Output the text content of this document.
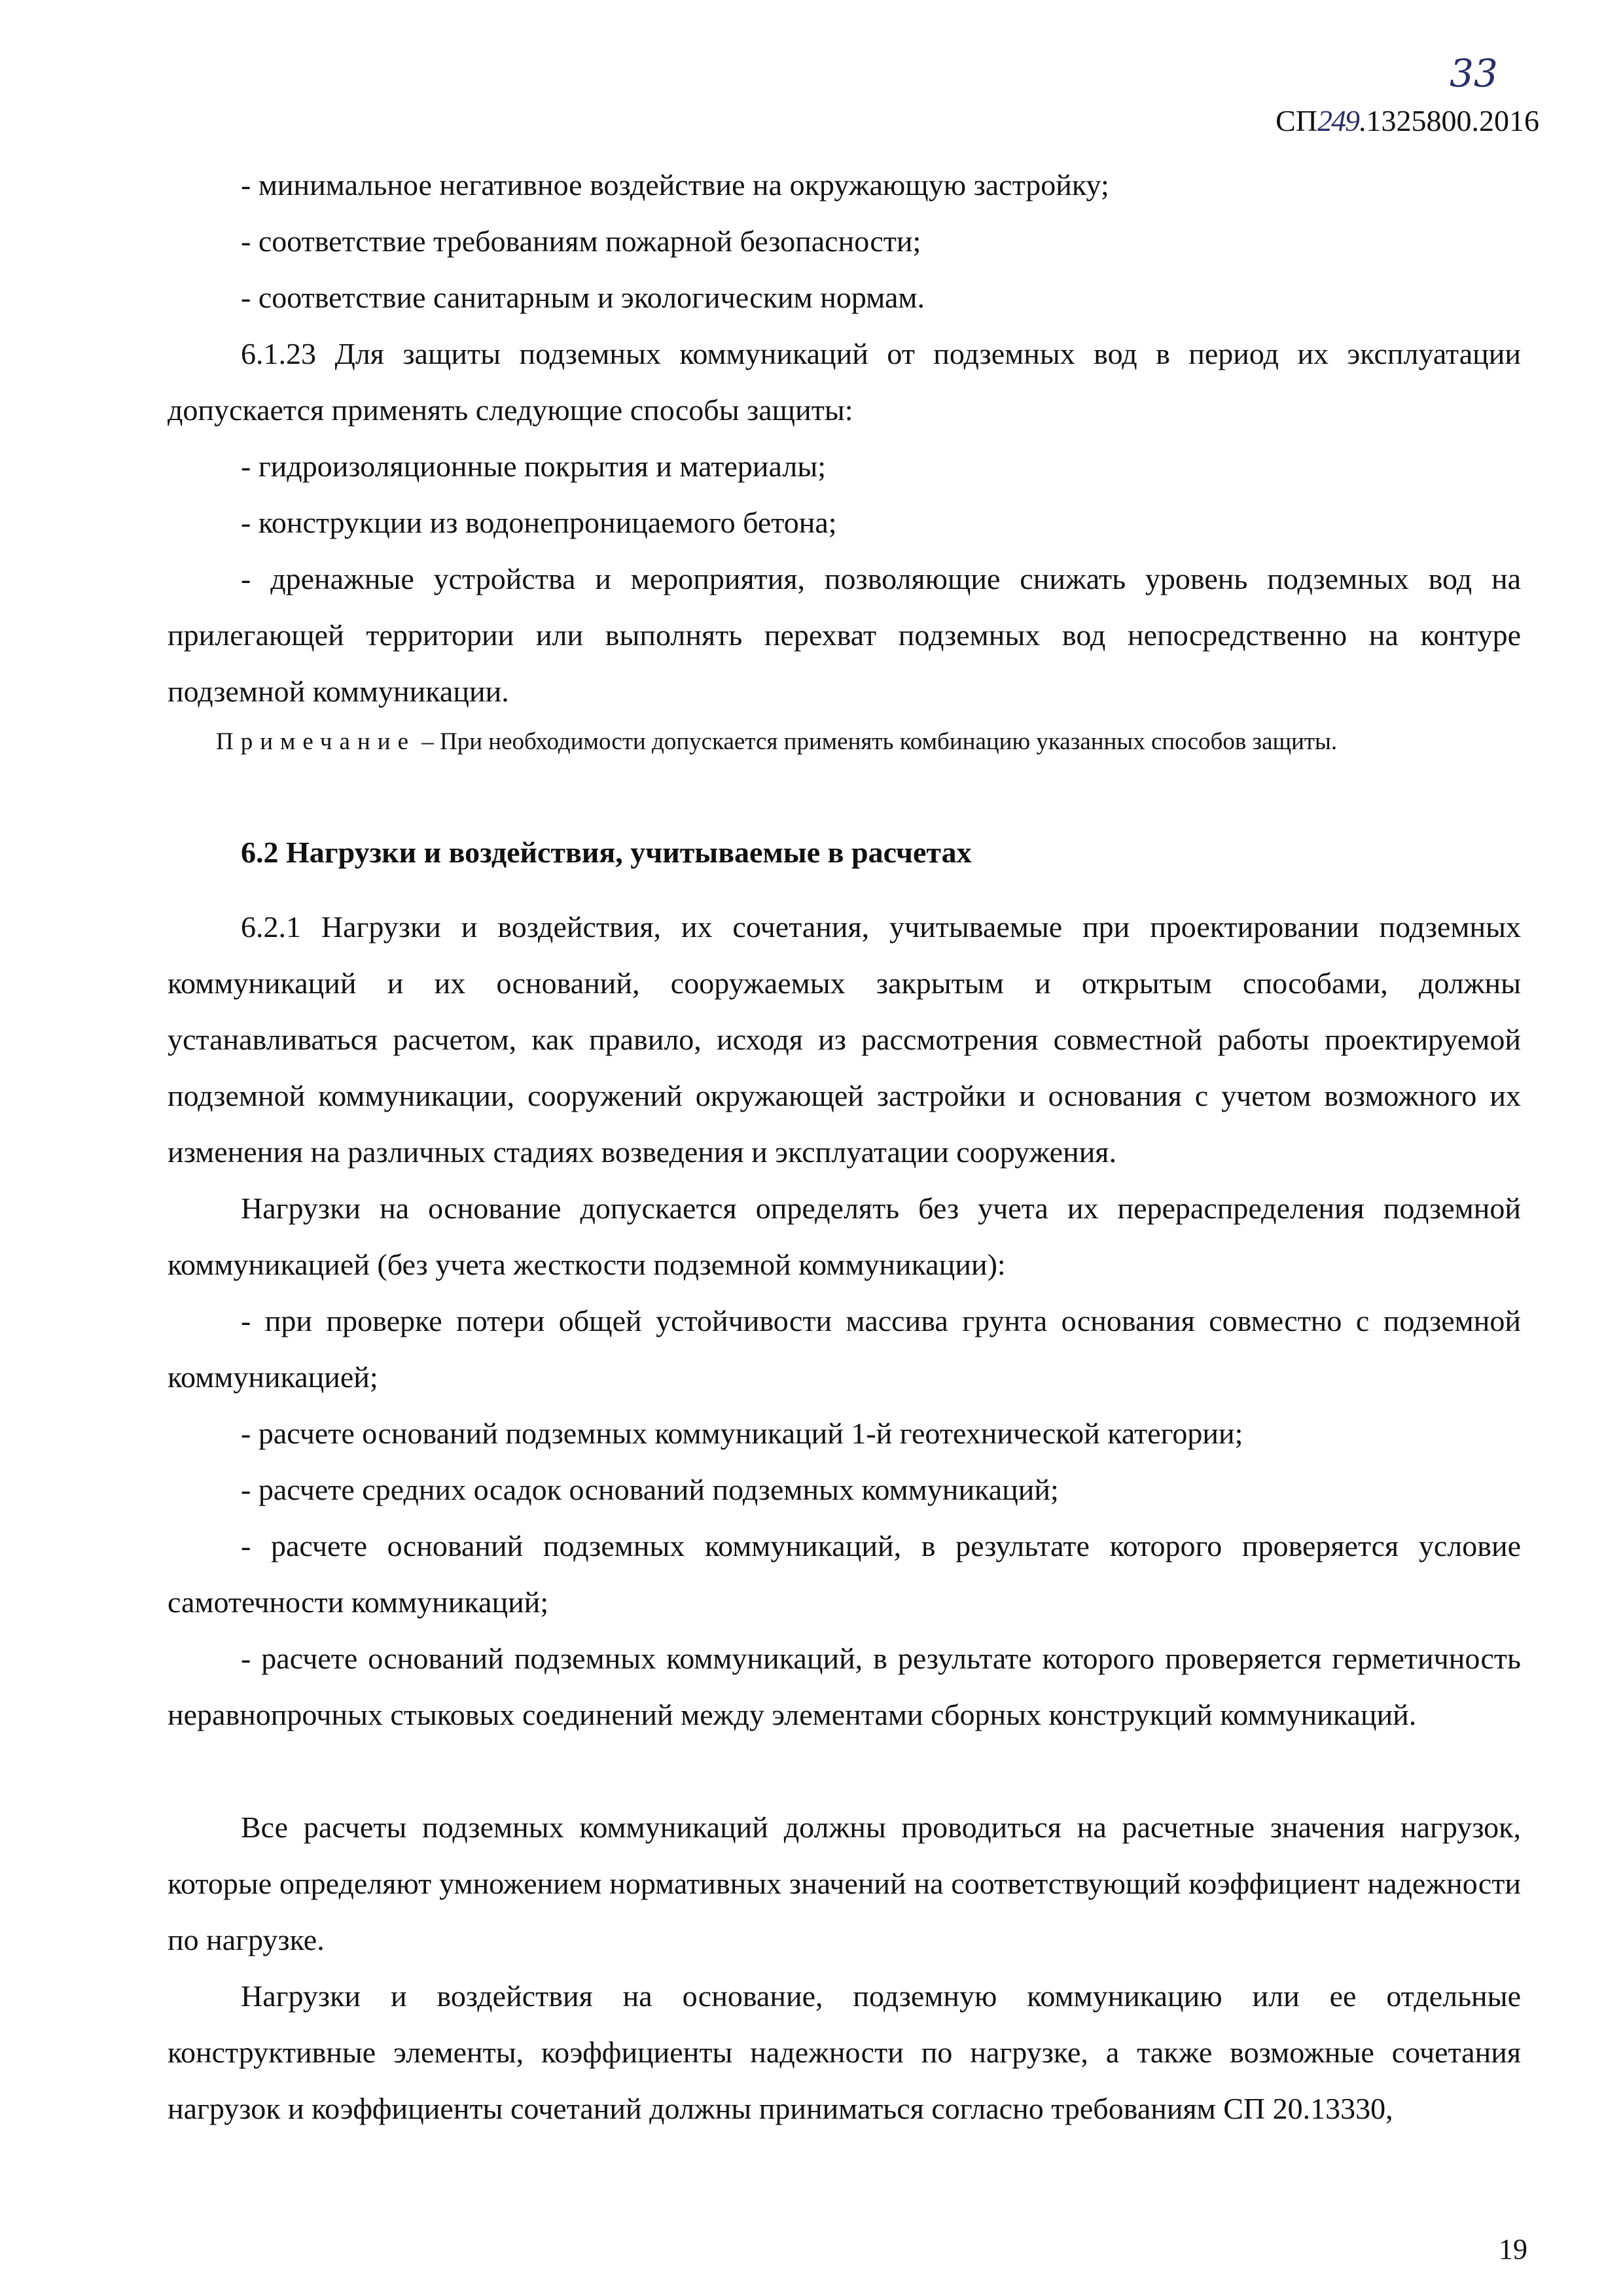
33
СП249.1325800.2016
- минимальное негативное воздействие на окружающую застройку;
- соответствие требованиям пожарной безопасности;
- соответствие санитарным и экологическим нормам.
6.1.23 Для защиты подземных коммуникаций от подземных вод в период их эксплуатации допускается применять следующие способы защиты:
- гидроизоляционные покрытия и материалы;
- конструкции из водонепроницаемого бетона;
- дренажные устройства и мероприятия, позволяющие снижать уровень подземных вод на прилегающей территории или выполнять перехват подземных вод непосредственно на контуре подземной коммуникации.
Примечание – При необходимости допускается применять комбинацию указанных способов защиты.
6.2 Нагрузки и воздействия, учитываемые в расчетах
6.2.1 Нагрузки и воздействия, их сочетания, учитываемые при проектировании подземных коммуникаций и их оснований, сооружаемых закрытым и открытым способами, должны устанавливаться расчетом, как правило, исходя из рассмотрения совместной работы проектируемой подземной коммуникации, сооружений окружающей застройки и основания с учетом возможного их изменения на различных стадиях возведения и эксплуатации сооружения.
Нагрузки на основание допускается определять без учета их перераспределения подземной коммуникацией (без учета жесткости подземной коммуникации):
- при проверке потери общей устойчивости массива грунта основания совместно с подземной коммуникацией;
- расчете оснований подземных коммуникаций 1-й геотехнической категории;
- расчете средних осадок оснований подземных коммуникаций;
- расчете оснований подземных коммуникаций, в результате которого проверяется условие самотечности коммуникаций;
- расчете оснований подземных коммуникаций, в результате которого проверяется герметичность неравнопрочных стыковых соединений между элементами сборных конструкций коммуникаций.
Все расчеты подземных коммуникаций должны проводиться на расчетные значения нагрузок, которые определяют умножением нормативных значений на соответствующий коэффициент надежности по нагрузке.
Нагрузки и воздействия на основание, подземную коммуникацию или ее отдельные конструктивные элементы, коэффициенты надежности по нагрузке, а также возможные сочетания нагрузок и коэффициенты сочетаний должны приниматься согласно требованиям СП 20.13330,
19
